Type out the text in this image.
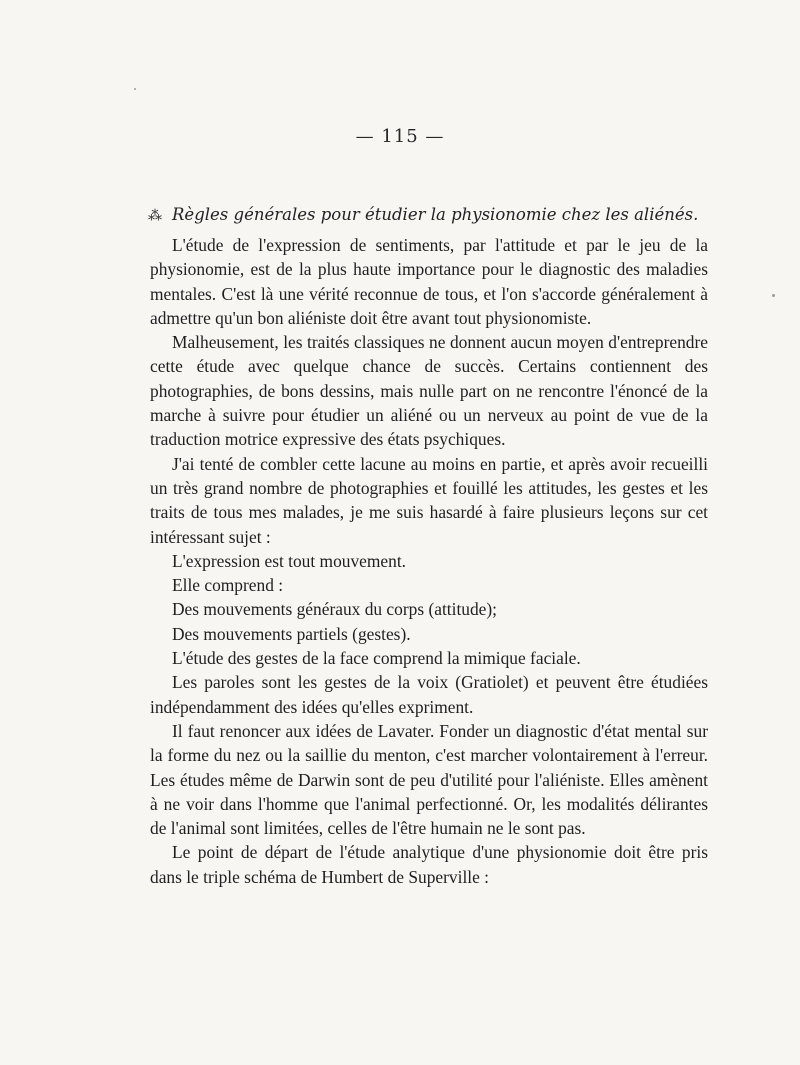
— 115 —
⁂ Règles générales pour étudier la physionomie chez les aliénés.

L'étude de l'expression de sentiments, par l'attitude et par le jeu de la physionomie, est de la plus haute importance pour le diagnostic des maladies mentales. C'est là une vérité reconnue de tous, et l'on s'accorde généralement à admettre qu'un bon aliéniste doit être avant tout physionomiste.

Malheusement, les traités classiques ne donnent aucun moyen d'entreprendre cette étude avec quelque chance de succès. Certains contiennent des photographies, de bons dessins, mais nulle part on ne rencontre l'énoncé de la marche à suivre pour étudier un aliéné ou un nerveux au point de vue de la traduction motrice expressive des états psychiques.

J'ai tenté de combler cette lacune au moins en partie, et après avoir recueilli un très grand nombre de photographies et fouillé les attitudes, les gestes et les traits de tous mes malades, je me suis hasardé à faire plusieurs leçons sur cet intéressant sujet :

L'expression est tout mouvement.

Elle comprend :

Des mouvements généraux du corps (attitude);

Des mouvements partiels (gestes).

L'étude des gestes de la face comprend la mimique faciale.

Les paroles sont les gestes de la voix (Gratiolet) et peuvent être étudiées indépendamment des idées qu'elles expriment.

Il faut renoncer aux idées de Lavater. Fonder un diagnostic d'état mental sur la forme du nez ou la saillie du menton, c'est marcher volontairement à l'erreur. Les études même de Darwin sont de peu d'utilité pour l'aliéniste. Elles amènent à ne voir dans l'homme que l'animal perfectionné. Or, les modalités délirantes de l'animal sont limitées, celles de l'être humain ne le sont pas.

Le point de départ de l'étude analytique d'une physionomie doit être pris dans le triple schéma de Humbert de Superville :
